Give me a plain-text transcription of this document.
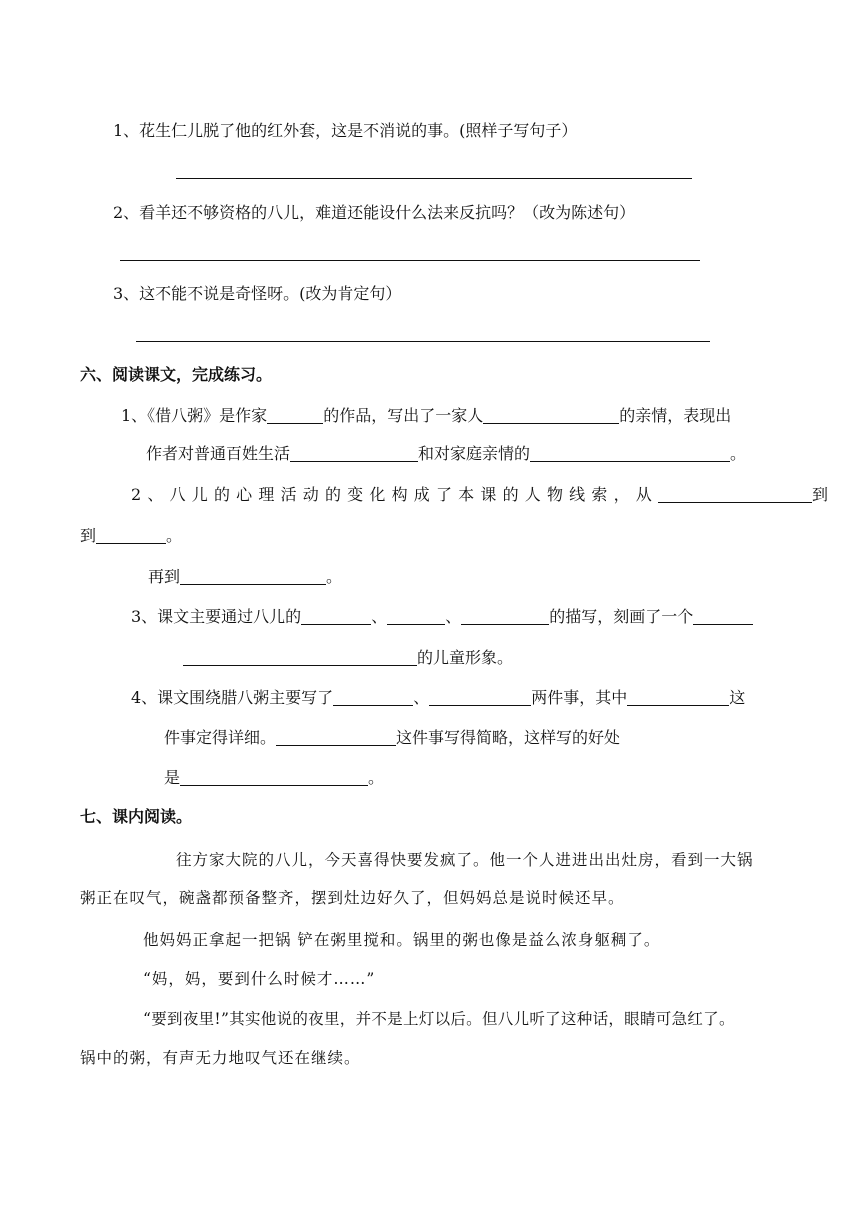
1、花生仁儿脱了他的红外套，这是不消说的事。(照样子写句子）
2、看羊还不够资格的八儿，难道还能设什么法来反抗吗？（改为陈述句）
3、这不能不说是奇怪呀。(改为肯定句）
六、阅读课文，完成练习。
1、《借八粥》是作家	的作品，写出了一家人	的亲情，表现出
作者对普通百姓生活	和对家庭亲情的	。
2、八儿的心理活动的变化构成了本课的人物线索，从	到
到	。
再到	。
3、课文主要通过八儿的	、	、	的描写，刻画了一个
的儿童形象。
4、课文围绕腊八粥主要写了	、	两件事，其中	这
件事定得详细。	这件事写得简略，这样写的好处
是	。
七、课内阅读。
往方家大院的八儿，今天喜得快要发疯了。他一个人进进出出灶房，看到一大锅
粥正在叹气，碗盏都预备整齐，摆到灶边好久了，但妈妈总是说时候还早。
他妈妈正拿起一把锅 铲在粥里搅和。锅里的粥也像是益么浓身躯稠了。
“妈，妈，要到什么时候才……”
“要到夜里!”其实他说的夜里，并不是上灯以后。但八儿听了这种话，眼睛可急红了。
锅中的粥，有声无力地叹气还在继续。
